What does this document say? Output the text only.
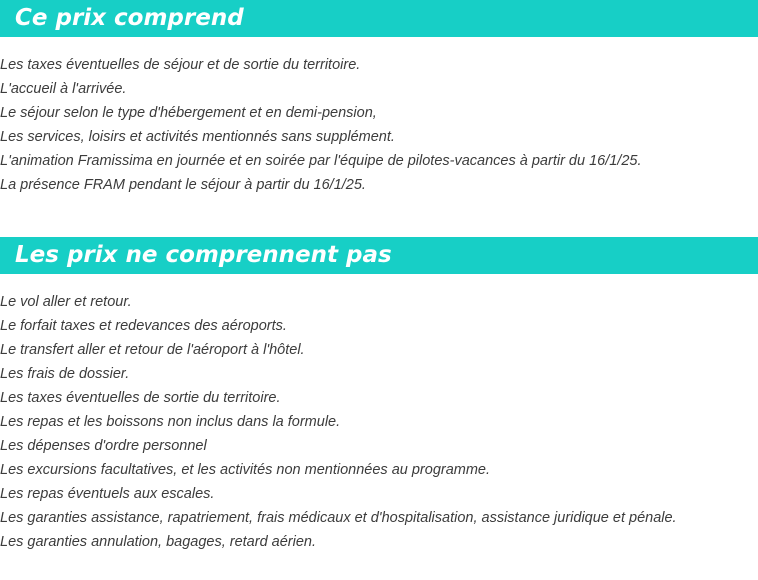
Ce prix comprend
Les taxes éventuelles de séjour et de sortie du territoire.
L'accueil à l'arrivée.
Le séjour selon le type d'hébergement et en demi-pension,
Les services, loisirs et activités mentionnés sans supplément.
L'animation Framissima en journée et en soirée par l'équipe de pilotes-vacances à partir du 16/1/25.
La présence FRAM pendant le séjour à partir du 16/1/25.
Les prix ne comprennent pas
Le vol aller et retour.
Le forfait taxes et redevances des aéroports.
Le transfert aller et retour de l'aéroport à l'hôtel.
Les frais de dossier.
Les taxes éventuelles de sortie du territoire.
Les repas et les boissons non inclus dans la formule.
Les dépenses d'ordre personnel
Les excursions facultatives, et les activités non mentionnées au programme.
Les repas éventuels aux escales.
Les garanties assistance, rapatriement, frais médicaux et d'hospitalisation, assistance juridique et pénale.
Les garanties annulation, bagages, retard aérien.
